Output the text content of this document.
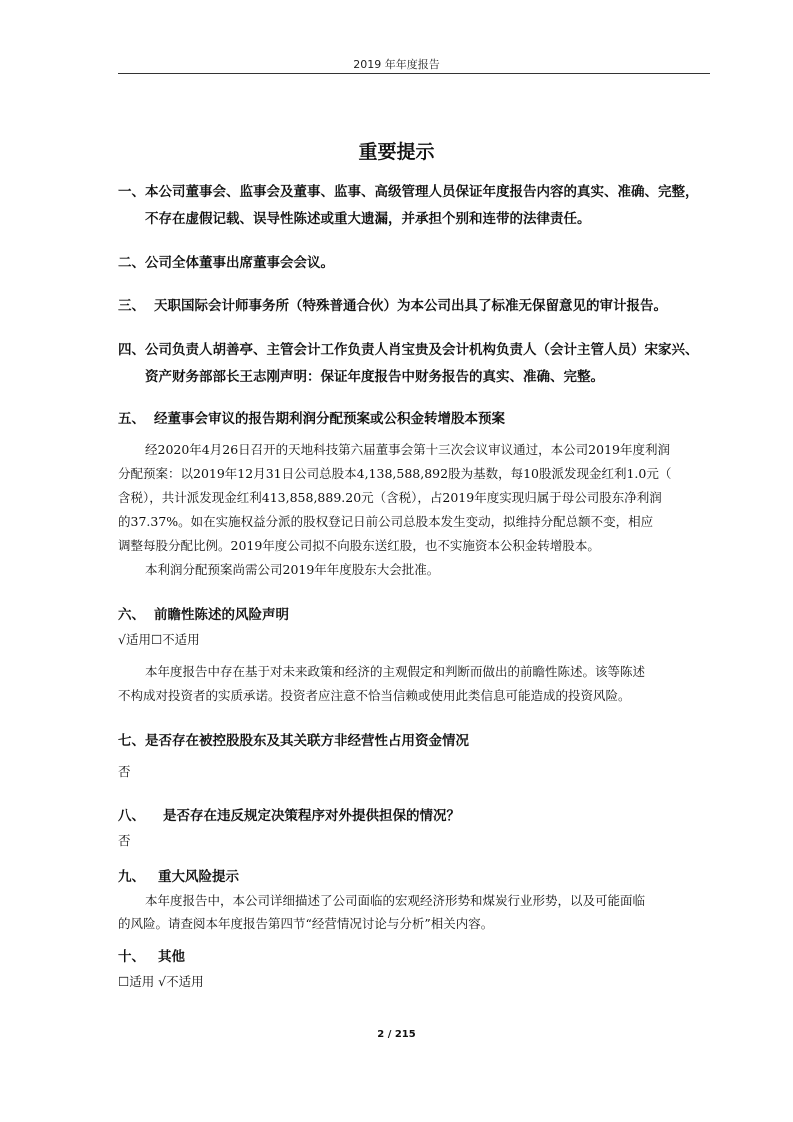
2019 年年度报告
重要提示
一、本公司董事会、监事会及董事、监事、高级管理人员保证年度报告内容的真实、准确、完整，
不存在虚假记载、误导性陈述或重大遗漏，并承担个别和连带的法律责任。
二、公司全体董事出席董事会会议。
三、 天职国际会计师事务所（特殊普通合伙）为本公司出具了标准无保留意见的审计报告。
四、公司负责人胡善亭、主管会计工作负责人肖宝贵及会计机构负责人（会计主管人员）宋家兴、
资产财务部部长王志刚声明：保证年度报告中财务报告的真实、准确、完整。
五、 经董事会审议的报告期利润分配预案或公积金转增股本预案
经2020年4月26日召开的天地科技第六届董事会第十三次会议审议通过，本公司2019年度利润
分配预案：以2019年12月31日公司总股本4,138,588,892股为基数，每10股派发现金红利1.0元（
含税），共计派发现金红利413,858,889.20元（含税），占2019年度实现归属于母公司股东净利润
的37.37%。如在实施权益分派的股权登记日前公司总股本发生变动，拟维持分配总额不变，相应
调整每股分配比例。2019年度公司拟不向股东送红股，也不实施资本公积金转增股本。
本利润分配预案尚需公司2019年年度股东大会批准。
六、 前瞻性陈述的风险声明
√适用☐不适用
本年度报告中存在基于对未来政策和经济的主观假定和判断而做出的前瞻性陈述。该等陈述
不构成对投资者的实质承诺。投资者应注意不恰当信赖或使用此类信息可能造成的投资风险。
七、是否存在被控股股东及其关联方非经营性占用资金情况
否
八、 是否存在违反规定决策程序对外提供担保的情况？
否
九、 重大风险提示
本年度报告中，本公司详细描述了公司面临的宏观经济形势和煤炭行业形势，以及可能面临
的风险。请查阅本年度报告第四节“经营情况讨论与分析”相关内容。
十、 其他
☐适用 √不适用
2 / 215
